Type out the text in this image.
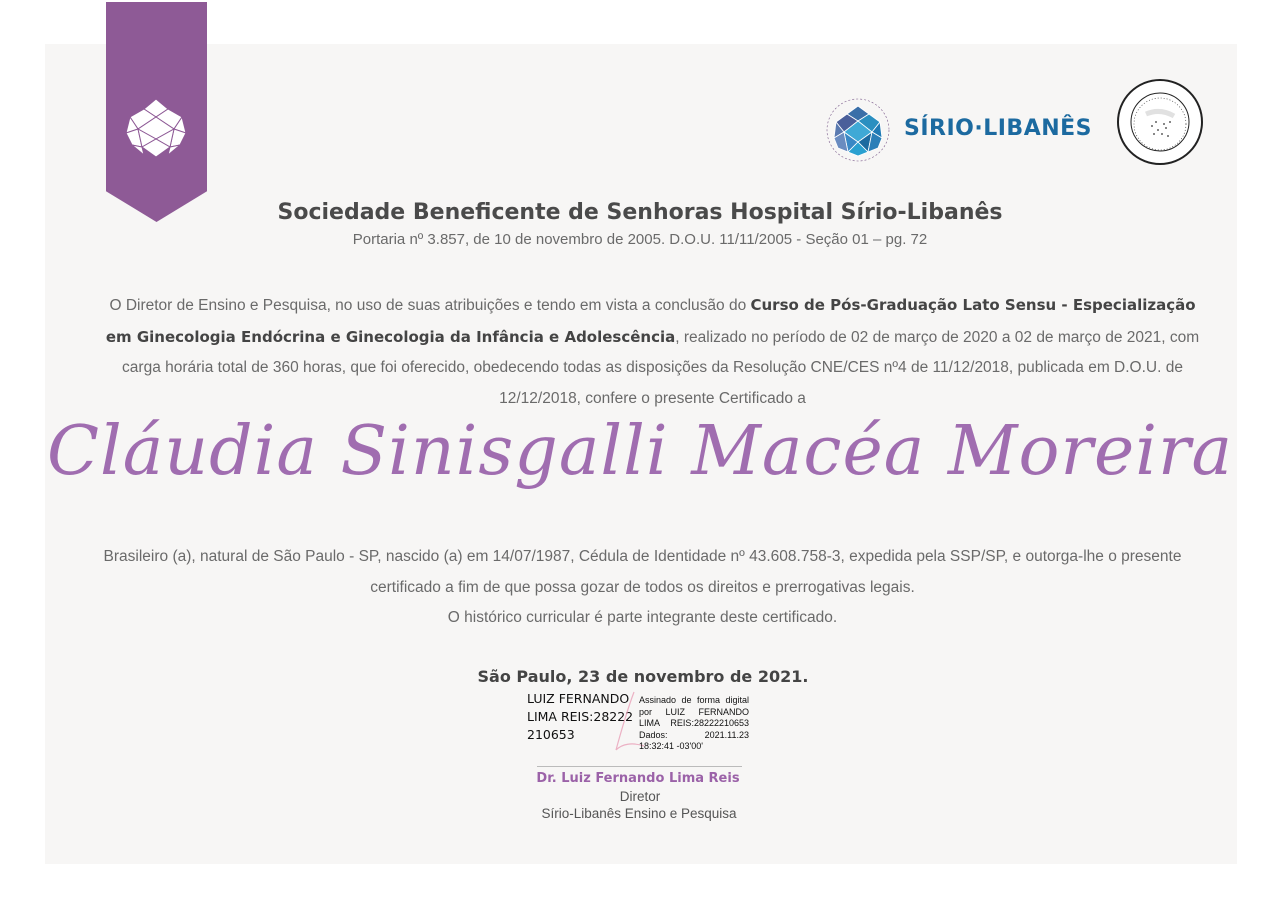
SÍRIO·LIBANÊS
Sociedade Beneficente de Senhoras Hospital Sírio-Libanês
Portaria nº 3.857, de 10 de novembro de 2005. D.O.U. 11/11/2005 - Seção 01 – pg. 72
O Diretor de Ensino e Pesquisa, no uso de suas atribuições e tendo em vista a conclusão do Curso de Pós-Graduação Lato Sensu - Especialização em Ginecologia Endócrina e Ginecologia da Infância e Adolescência, realizado no período de 02 de março de 2020 a 02 de março de 2021, com carga horária total de 360 horas, que foi oferecido, obedecendo todas as disposições da Resolução CNE/CES nº4 de 11/12/2018, publicada em D.O.U. de 12/12/2018, confere o presente Certificado a
Cláudia Sinisgalli Macéa Moreira
Brasileiro (a), natural de São Paulo - SP, nascido (a) em 14/07/1987, Cédula de Identidade nº 43.608.758-3, expedida pela SSP/SP, e outorga-lhe o presente certificado a fim de que possa gozar de todos os direitos e prerrogativas legais.
O histórico curricular é parte integrante deste certificado.
São Paulo, 23 de novembro de 2021.
LUIZ FERNANDO LIMA REIS:28222210653
Assinado de forma digital por LUIZ FERNANDO LIMA REIS:28222210653 Dados: 2021.11.23 18:32:41 -03'00'
Dr. Luiz Fernando Lima Reis
Diretor
Sírio-Libanês Ensino e Pesquisa
